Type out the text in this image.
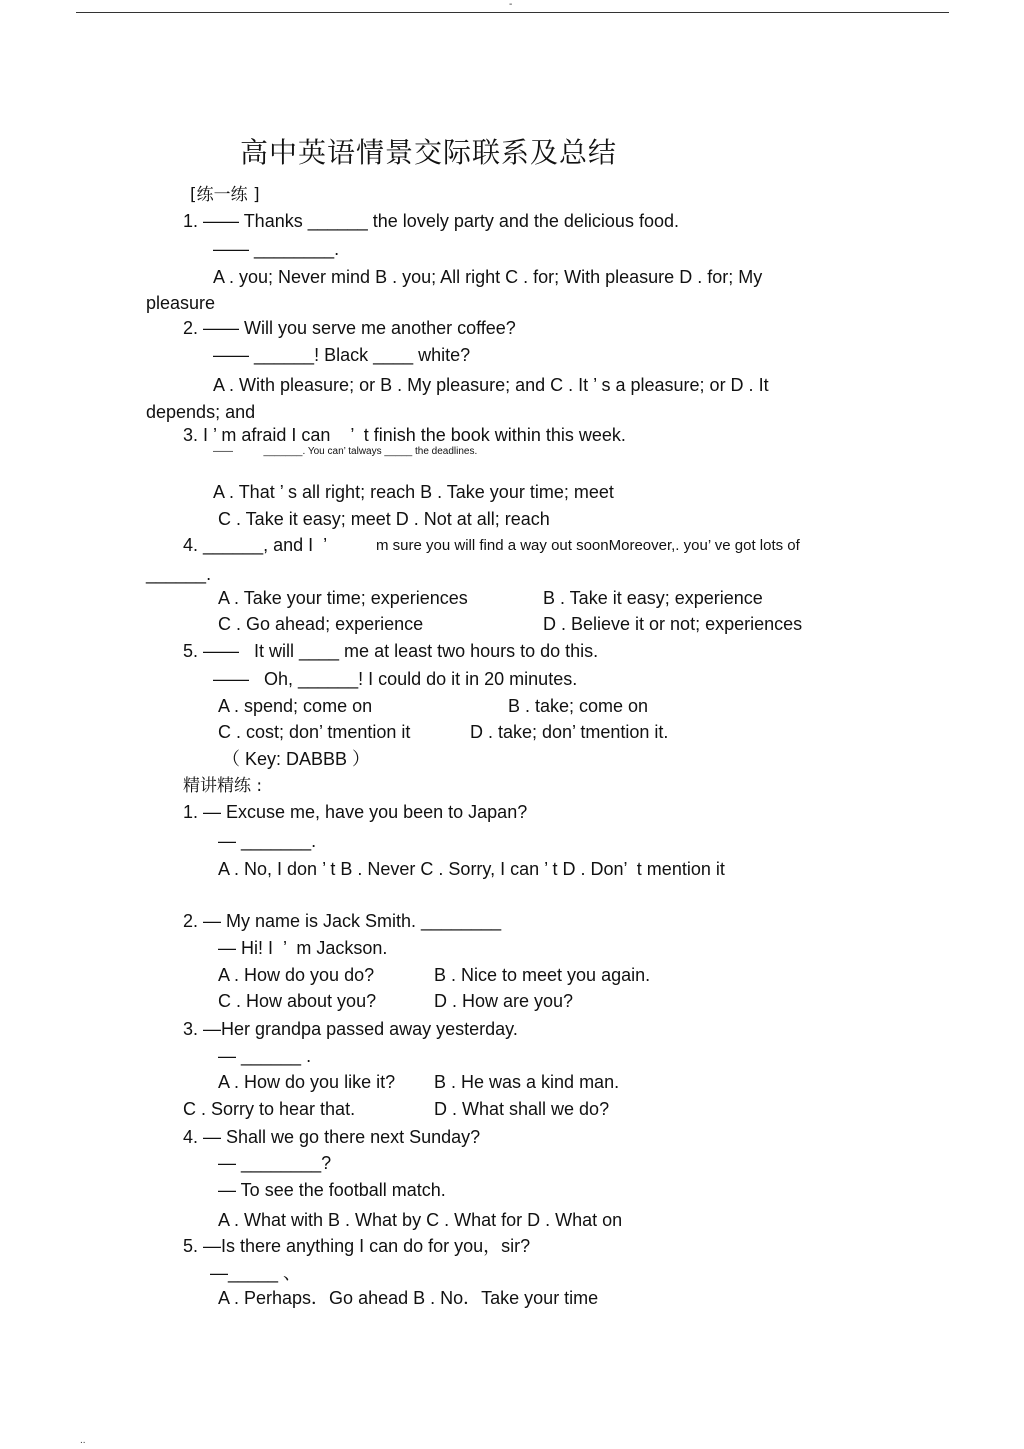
-
高中英语情景交际联系及总结
[练一练 ]
1. —— Thanks ______ the lovely party and the delicious food.
—— ________.
A . you; Never mind B . you; All right C . for; With pleasure D . for; My
pleasure
2. —— Will you serve me another coffee?
—— ______! Black ____ white?
A . With pleasure; or B . My pleasure; and C . It ’ s a pleasure; or D . It
depends; and
3. I ’ m afraid I can    ’  t finish the book within this week.
——           _______. You can’ talways _____ the deadlines.
A . That ’ s all right; reach B . Take your time; meet
C . Take it easy; meet D . Not at all; reach
4. ______, and I  ’	m sure you will find a way out soonMoreover,. you’ ve got lots of
______.
A . Take your time; experiences	B . Take it easy; experience
C . Go ahead; experience	D . Believe it or not; experiences
5. ——   It will ____ me at least two hours to do this.
——   Oh, ______! I could do it in 20 minutes.
A . spend; come on	B . take; come on
C . cost; don’ tmention it	D . take; don’ tmention it.
（ Key: DABBB ）
精讲精练 :
1. — Excuse me, have you been to Japan?
— _______.
A . No, I don ’ t B . Never C . Sorry, I can ’ t D . Don’  t mention it
2. — My name is Jack Smith. ________
— Hi! I  ’  m Jackson.
A . How do you do?	B . Nice to meet you again.
C . How about you?	D . How are you?
3. —Her grandpa passed away yesterday.
— ______ .
A . How do you like it? B . He was a kind man.
C . Sorry to hear that.	D . What shall we do?
4. — Shall we go there next Sunday?
— ________?
— To see the football match.
A . What with B . What by C . What for D . What on
5. —Is there anything I can do for you，sir?
—_____ 、
A . Perhaps．Go ahead B . No．Take your time
..
